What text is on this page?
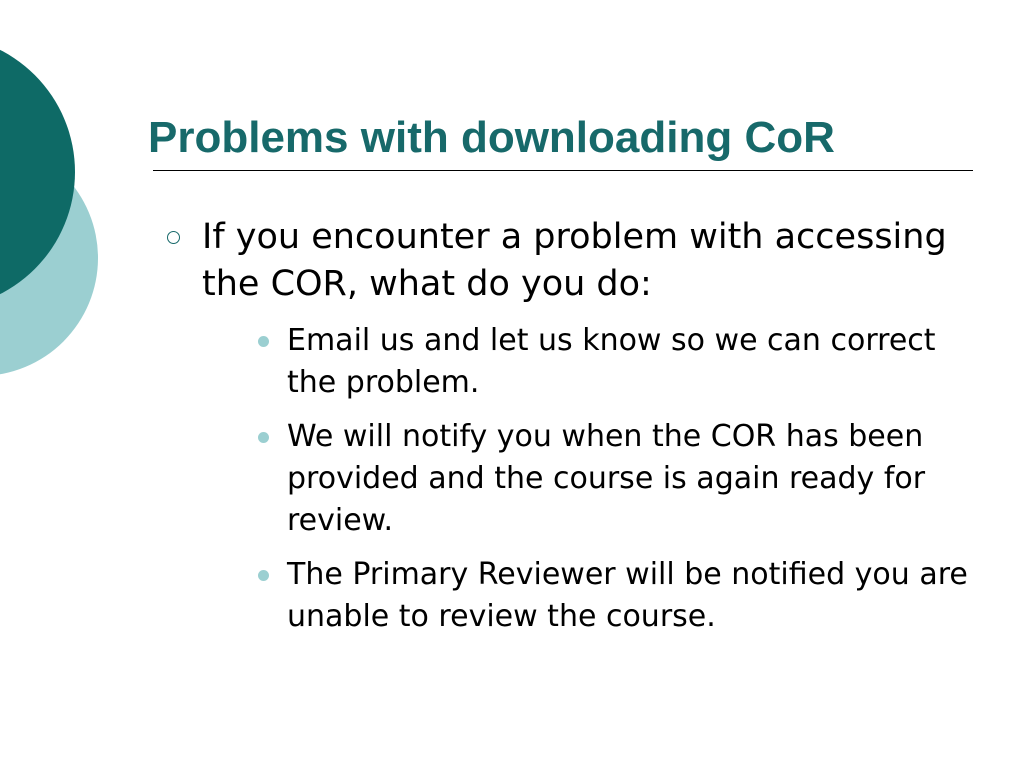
Problems with downloading CoR
If you encounter a problem with accessing the COR, what do you do:
Email us and let us know so we can correct the problem.
We will notify you when the COR has been provided and the course is again ready for review.
The Primary Reviewer will be notified you are unable to review the course.
